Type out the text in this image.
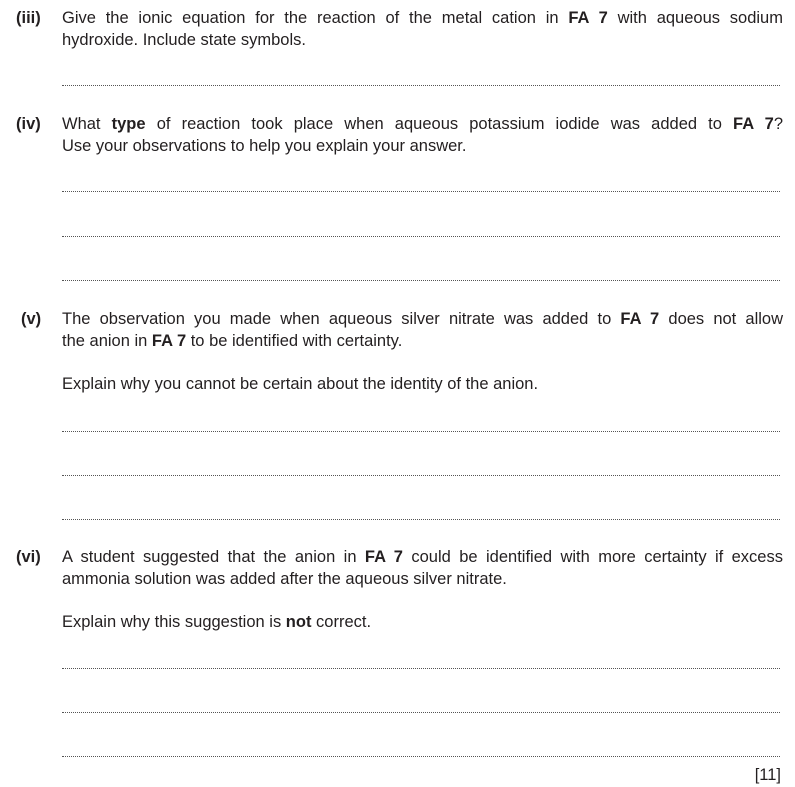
(iii) Give the ionic equation for the reaction of the metal cation in FA 7 with aqueous sodium
hydroxide. Include state symbols.
(iv) What type of reaction took place when aqueous potassium iodide was added to FA 7?
Use your observations to help you explain your answer.
(v) The observation you made when aqueous silver nitrate was added to FA 7 does not allow
the anion in FA 7 to be identified with certainty.
Explain why you cannot be certain about the identity of the anion.
(vi) A student suggested that the anion in FA 7 could be identified with more certainty if excess
ammonia solution was added after the aqueous silver nitrate.
Explain why this suggestion is not correct.
[11]
